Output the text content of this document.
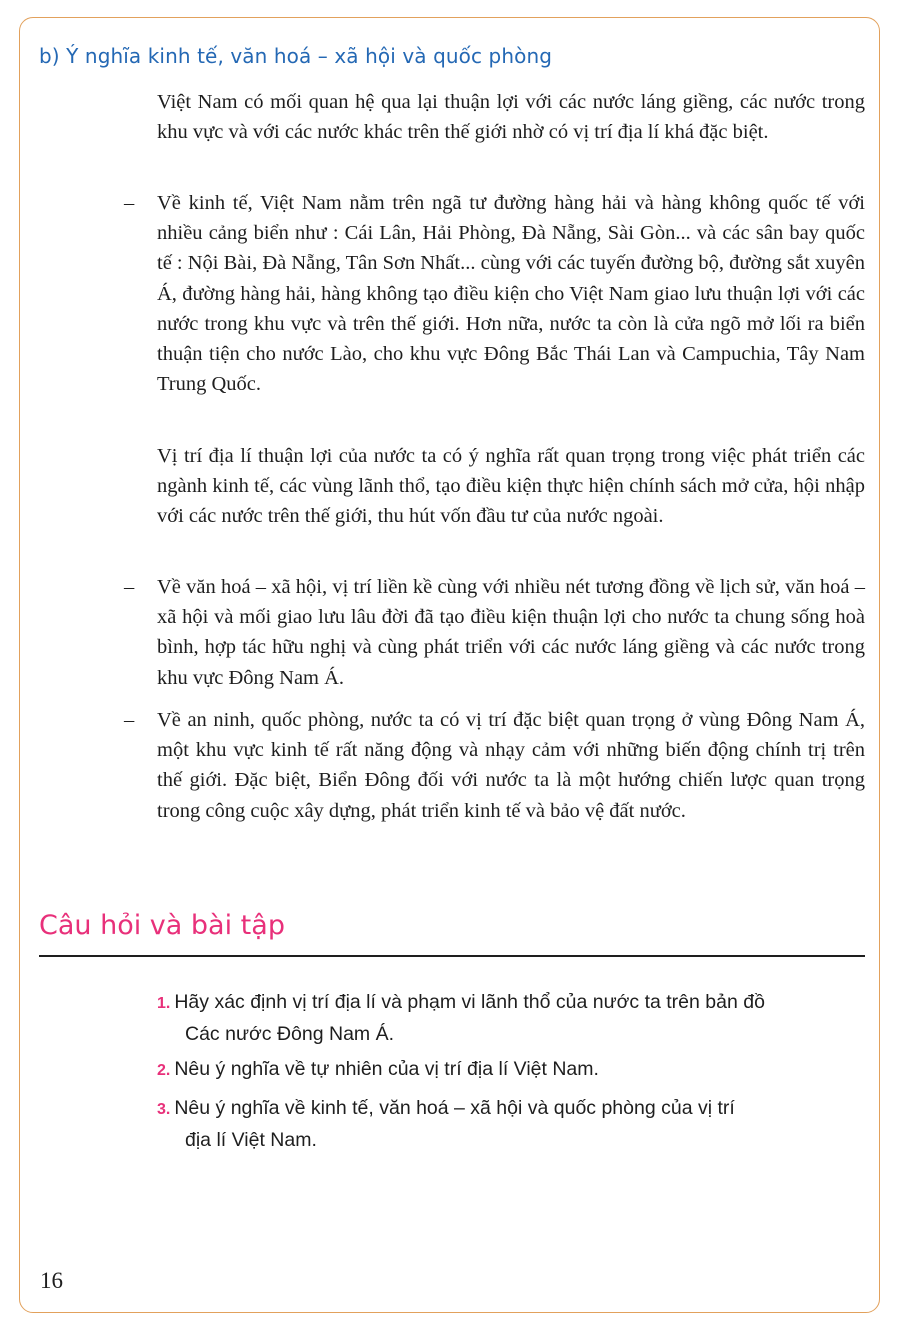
b) Ý nghĩa kinh tế, văn hoá – xã hội và quốc phòng

Việt Nam có mối quan hệ qua lại thuận lợi với các nước láng giềng, các nước trong khu vực và với các nước khác trên thế giới nhờ có vị trí địa lí khá đặc biệt.

– Về kinh tế, Việt Nam nằm trên ngã tư đường hàng hải và hàng không quốc tế với nhiều cảng biển như : Cái Lân, Hải Phòng, Đà Nẵng, Sài Gòn... và các sân bay quốc tế : Nội Bài, Đà Nẵng, Tân Sơn Nhất... cùng với các tuyến đường bộ, đường sắt xuyên Á, đường hàng hải, hàng không tạo điều kiện cho Việt Nam giao lưu thuận lợi với các nước trong khu vực và trên thế giới. Hơn nữa, nước ta còn là cửa ngõ mở lối ra biển thuận tiện cho nước Lào, cho khu vực Đông Bắc Thái Lan và Campuchia, Tây Nam Trung Quốc.

Vị trí địa lí thuận lợi của nước ta có ý nghĩa rất quan trọng trong việc phát triển các ngành kinh tế, các vùng lãnh thổ, tạo điều kiện thực hiện chính sách mở cửa, hội nhập với các nước trên thế giới, thu hút vốn đầu tư của nước ngoài.

– Về văn hoá – xã hội, vị trí liền kề cùng với nhiều nét tương đồng về lịch sử, văn hoá – xã hội và mối giao lưu lâu đời đã tạo điều kiện thuận lợi cho nước ta chung sống hoà bình, hợp tác hữu nghị và cùng phát triển với các nước láng giềng và các nước trong khu vực Đông Nam Á.

– Về an ninh, quốc phòng, nước ta có vị trí đặc biệt quan trọng ở vùng Đông Nam Á, một khu vực kinh tế rất năng động và nhạy cảm với những biến động chính trị trên thế giới. Đặc biệt, Biển Đông đối với nước ta là một hướng chiến lược quan trọng trong công cuộc xây dựng, phát triển kinh tế và bảo vệ đất nước.

Câu hỏi và bài tập
1. Hãy xác định vị trí địa lí và phạm vi lãnh thổ của nước ta trên bản đồ
Các nước Đông Nam Á.
2. Nêu ý nghĩa về tự nhiên của vị trí địa lí Việt Nam.
3. Nêu ý nghĩa về kinh tế, văn hoá – xã hội và quốc phòng của vị trí
địa lí Việt Nam.
16
